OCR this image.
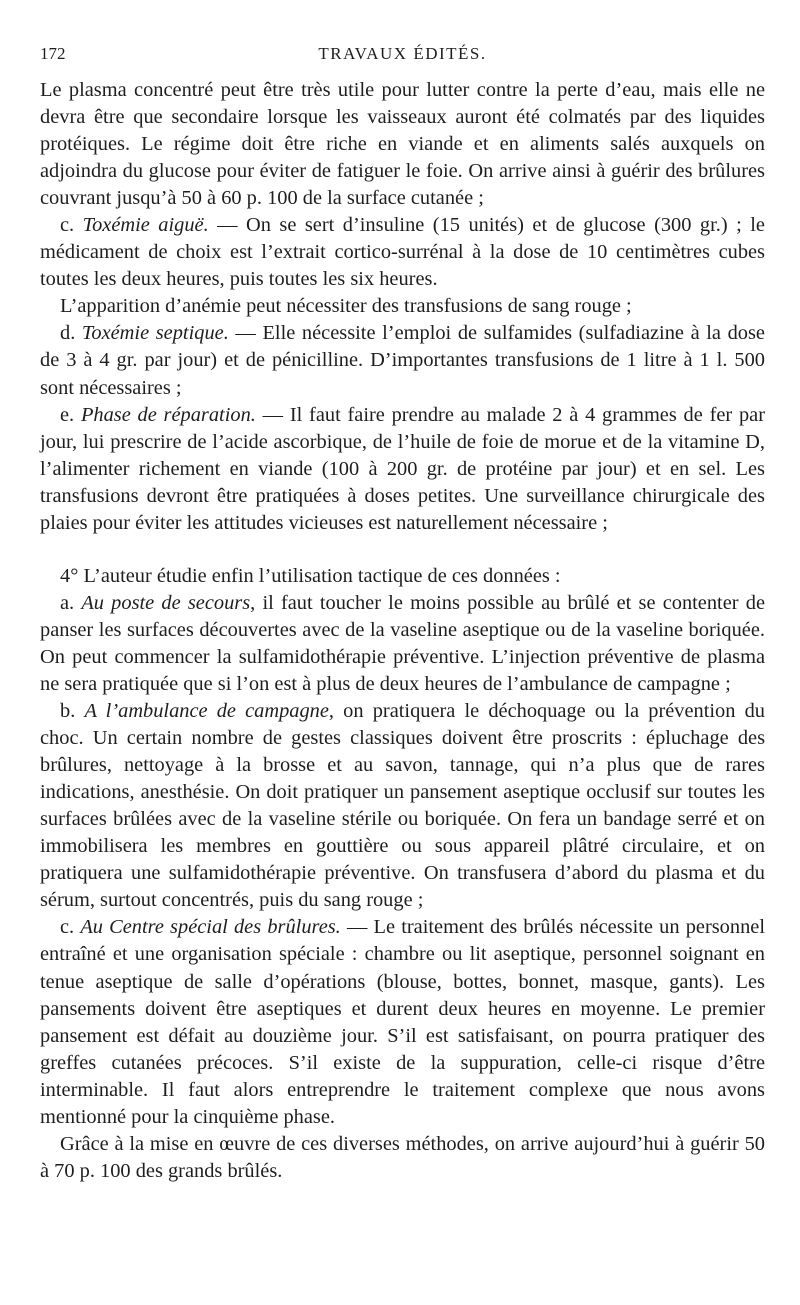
172	TRAVAUX ÉDITÉS.

Le plasma concentré peut être très utile pour lutter contre la perte d’eau, mais elle ne devra être que secondaire lorsque les vaisseaux auront été colmatés par des liquides protéiques. Le régime doit être riche en viande et en aliments salés auxquels on adjoindra du glucose pour éviter de fatiguer le foie. On arrive ainsi à guérir des brûlures couvrant jusqu’à 50 à 60 p. 100 de la surface cutanée ;

c. Toxémie aiguë. — On se sert d’insuline (15 unités) et de glucose (300 gr.) ; le médicament de choix est l’extrait cortico-surrénal à la dose de 10 centimètres cubes toutes les deux heures, puis toutes les six heures.

L’apparition d’anémie peut nécessiter des transfusions de sang rouge ;

d. Toxémie septique. — Elle nécessite l’emploi de sulfamides (sulfadiazine à la dose de 3 à 4 gr. par jour) et de pénicilline. D’importantes transfusions de 1 litre à 1 l. 500 sont nécessaires ;

e. Phase de réparation. — Il faut faire prendre au malade 2 à 4 grammes de fer par jour, lui prescrire de l’acide ascorbique, de l’huile de foie de morue et de la vitamine D, l’alimenter richement en viande (100 à 200 gr. de protéine par jour) et en sel. Les transfusions devront être pratiquées à doses petites. Une surveillance chirurgicale des plaies pour éviter les attitudes vicieuses est naturellement nécessaire ;

4° L’auteur étudie enfin l’utilisation tactique de ces données :

a. Au poste de secours, il faut toucher le moins possible au brûlé et se contenter de panser les surfaces découvertes avec de la vaseline aseptique ou de la vaseline boriquée. On peut commencer la sulfamidothérapie préventive. L’injection préventive de plasma ne sera pratiquée que si l’on est à plus de deux heures de l’ambulance de campagne ;

b. A l’ambulance de campagne, on pratiquera le déchoquage ou la prévention du choc. Un certain nombre de gestes classiques doivent être proscrits : épluchage des brûlures, nettoyage à la brosse et au savon, tannage, qui n’a plus que de rares indications, anesthésie. On doit pratiquer un pansement aseptique occlusif sur toutes les surfaces brûlées avec de la vaseline stérile ou boriquée. On fera un bandage serré et on immobilisera les membres en gouttière ou sous appareil plâtré circulaire, et on pratiquera une sulfamidothérapie préventive. On transfusera d’abord du plasma et du sérum, surtout concentrés, puis du sang rouge ;

c. Au Centre spécial des brûlures. — Le traitement des brûlés nécessite un personnel entraîné et une organisation spéciale : chambre ou lit aseptique, personnel soignant en tenue aseptique de salle d’opérations (blouse, bottes, bonnet, masque, gants). Les pansements doivent être aseptiques et durent deux heures en moyenne. Le premier pansement est défait au douzième jour. S’il est satisfaisant, on pourra pratiquer des greffes cutanées précoces. S’il existe de la suppuration, celle-ci risque d’être interminable. Il faut alors entreprendre le traitement complexe que nous avons mentionné pour la cinquième phase.

Grâce à la mise en œuvre de ces diverses méthodes, on arrive aujourd’hui à guérir 50 à 70 p. 100 des grands brûlés.
